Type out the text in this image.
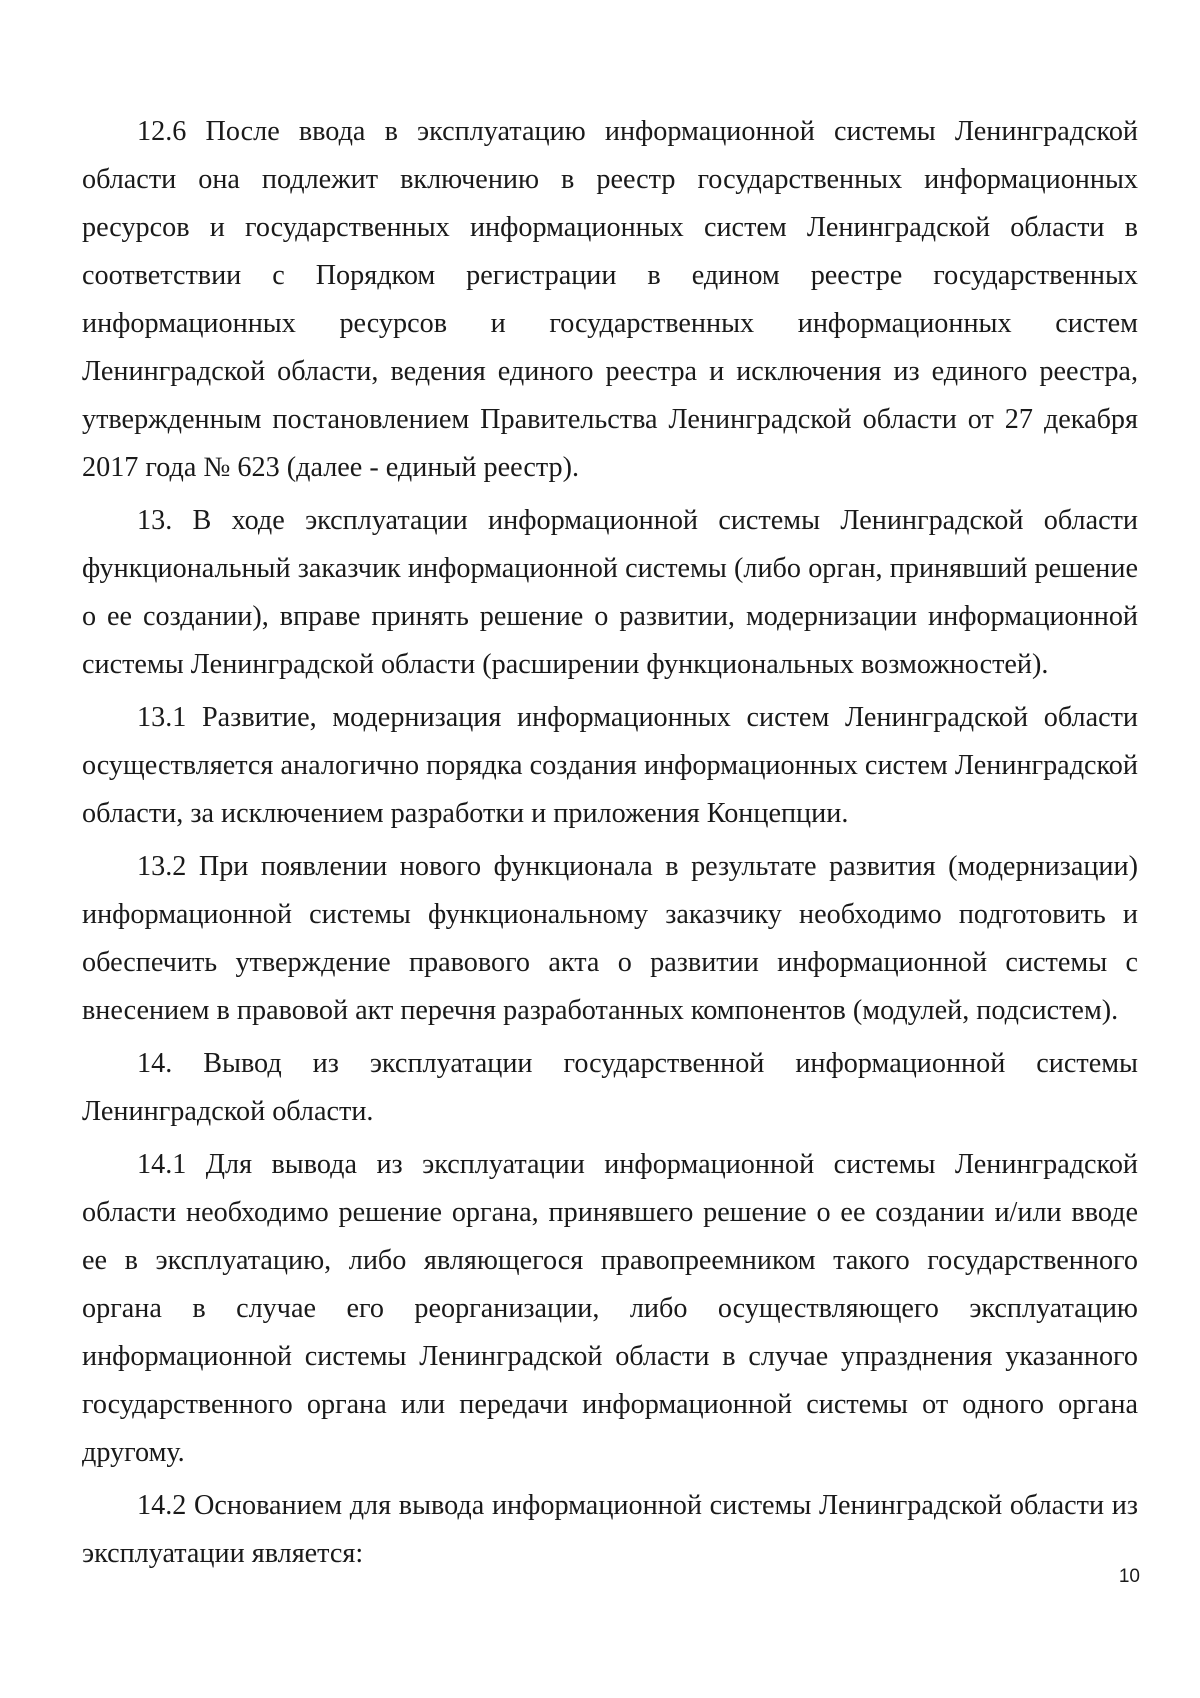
12.6 После ввода в эксплуатацию информационной системы Ленинградской области она подлежит включению в реестр государственных информационных ресурсов и государственных информационных систем Ленинградской области в соответствии с Порядком регистрации в едином реестре государственных информационных ресурсов и государственных информационных систем Ленинградской области, ведения единого реестра и исключения из единого реестра, утвержденным постановлением Правительства Ленинградской области от 27 декабря 2017 года № 623 (далее - единый реестр).

13. В ходе эксплуатации информационной системы Ленинградской области функциональный заказчик информационной системы (либо орган, принявший решение о ее создании), вправе принять решение о развитии, модернизации информационной системы Ленинградской области (расширении функциональных возможностей).

13.1 Развитие, модернизация информационных систем Ленинградской области осуществляется аналогично порядка создания информационных систем Ленинградской области, за исключением разработки и приложения Концепции.

13.2 При появлении нового функционала в результате развития (модернизации) информационной системы функциональному заказчику необходимо подготовить и обеспечить утверждение правового акта о развитии информационной системы с внесением в правовой акт перечня разработанных компонентов (модулей, подсистем).

14. Вывод из эксплуатации государственной информационной системы Ленинградской области.

14.1 Для вывода из эксплуатации информационной системы Ленинградской области необходимо решение органа, принявшего решение о ее создании и/или вводе ее в эксплуатацию, либо являющегося правопреемником такого государственного органа в случае его реорганизации, либо осуществляющего эксплуатацию информационной системы Ленинградской области в случае упразднения указанного государственного органа или передачи информационной системы от одного органа другому.

14.2 Основанием для вывода информационной системы Ленинградской области из эксплуатации является:

10
